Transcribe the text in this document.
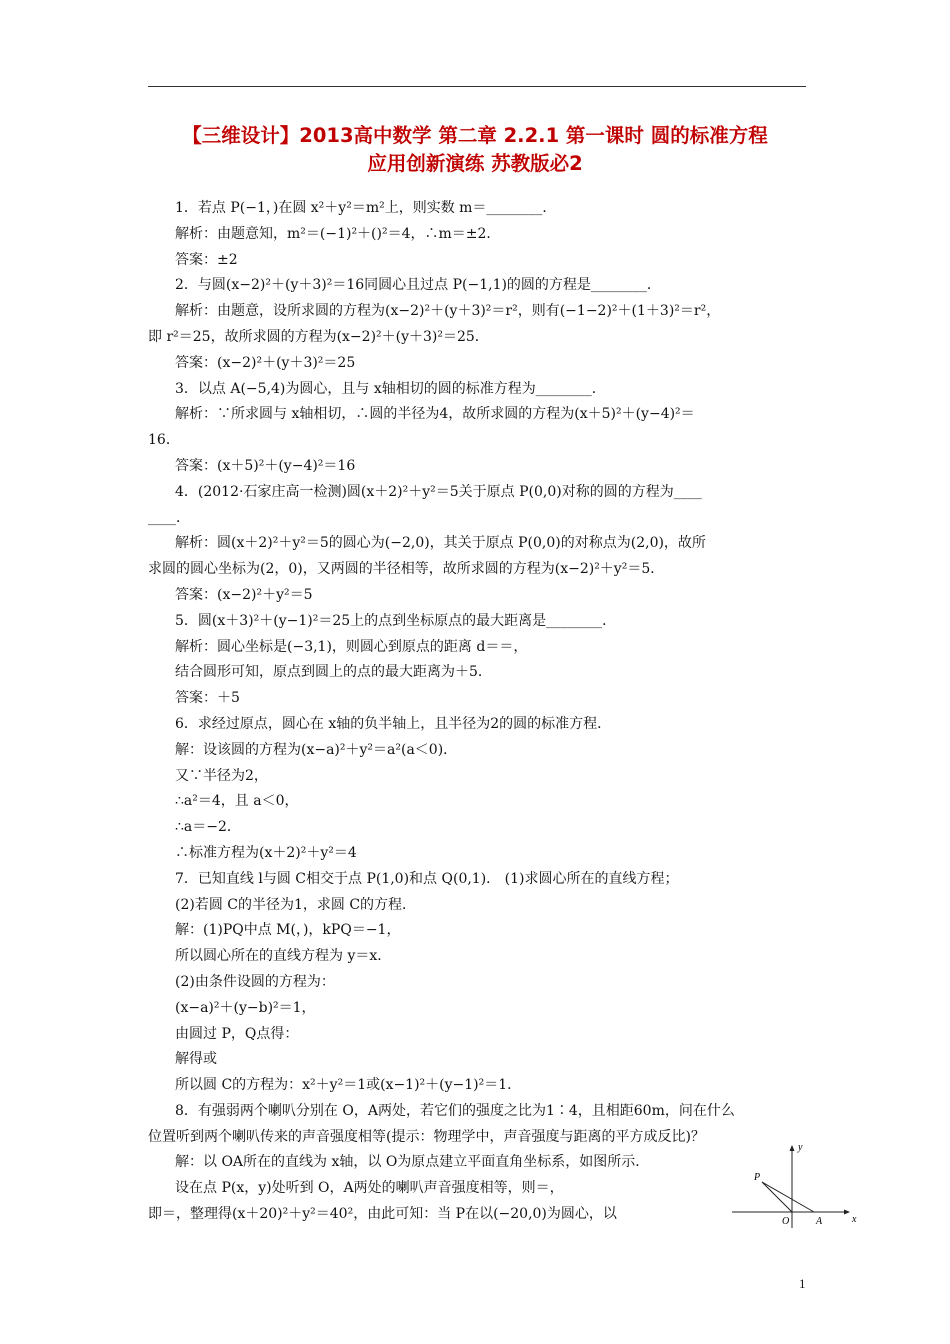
【三维设计】2013高中数学 第二章 2.2.1 第一课时 圆的标准方程
应用创新演练 苏教版必2
1．若点 P(−1，)在圆 x²＋y²＝m²上，则实数 m＝________．
解析：由题意知，m²＝(−1)²＋()²＝4，∴m＝±2．
答案：±2
2．与圆(x−2)²＋(y＋3)²＝16同圆心且过点 P(−1,1)的圆的方程是________．
解析：由题意，设所求圆的方程为(x−2)²＋(y＋3)²＝r²，则有(−1−2)²＋(1＋3)²＝r²，
即 r²＝25，故所求圆的方程为(x−2)²＋(y＋3)²＝25．
答案：(x−2)²＋(y＋3)²＝25
3．以点 A(−5,4)为圆心，且与 x轴相切的圆的标准方程为________．
解析：∵所求圆与 x轴相切，∴圆的半径为4，故所求圆的方程为(x＋5)²＋(y−4)²＝
16．
答案：(x＋5)²＋(y−4)²＝16
4．(2012·石家庄高一检测)圆(x＋2)²＋y²＝5关于原点 P(0,0)对称的圆的方程为____
____．
解析：圆(x＋2)²＋y²＝5的圆心为(−2,0)，其关于原点 P(0,0)的对称点为(2,0)，故所
求圆的圆心坐标为(2，0)，又两圆的半径相等，故所求圆的方程为(x−2)²＋y²＝5．
答案：(x−2)²＋y²＝5
5．圆(x＋3)²＋(y−1)²＝25上的点到坐标原点的最大距离是________．
解析：圆心坐标是(−3,1)，则圆心到原点的距离 d＝＝，
结合圆形可知，原点到圆上的点的最大距离为＋5．
答案：＋5
6．求经过原点，圆心在 x轴的负半轴上，且半径为2的圆的标准方程．
解：设该圆的方程为(x−a)²＋y²＝a²(a＜0)．
又∵半径为2，
∴a²＝4，且 a＜0，
∴a＝−2．
∴标准方程为(x＋2)²＋y²＝4
7．已知直线 l与圆 C相交于点 P(1,0)和点 Q(0,1)． (1)求圆心所在的直线方程；
(2)若圆 C的半径为1，求圆 C的方程．
解：(1)PQ中点 M(，)，kPQ＝−1，
所以圆心所在的直线方程为 y＝x．
(2)由条件设圆的方程为：
(x−a)²＋(y−b)²＝1，
由圆过 P，Q点得：
解得或
所以圆 C的方程为：x²＋y²＝1或(x−1)²＋(y−1)²＝1．
8．有强弱两个喇叭分别在 O，A两处，若它们的强度之比为1∶4，且相距60m，问在什么
位置听到两个喇叭传来的声音强度相等(提示：物理学中，声音强度与距离的平方成反比)？
解：以 OA所在的直线为 x轴，以 O为原点建立平面直角坐标系，如图所示．
设在点 P(x，y)处听到 O，A两处的喇叭声音强度相等，则＝，
即＝，整理得(x＋20)²＋y²＝40²，由此可知：当 P在以(−20,0)为圆心，以
y
x
P
O	A
1
